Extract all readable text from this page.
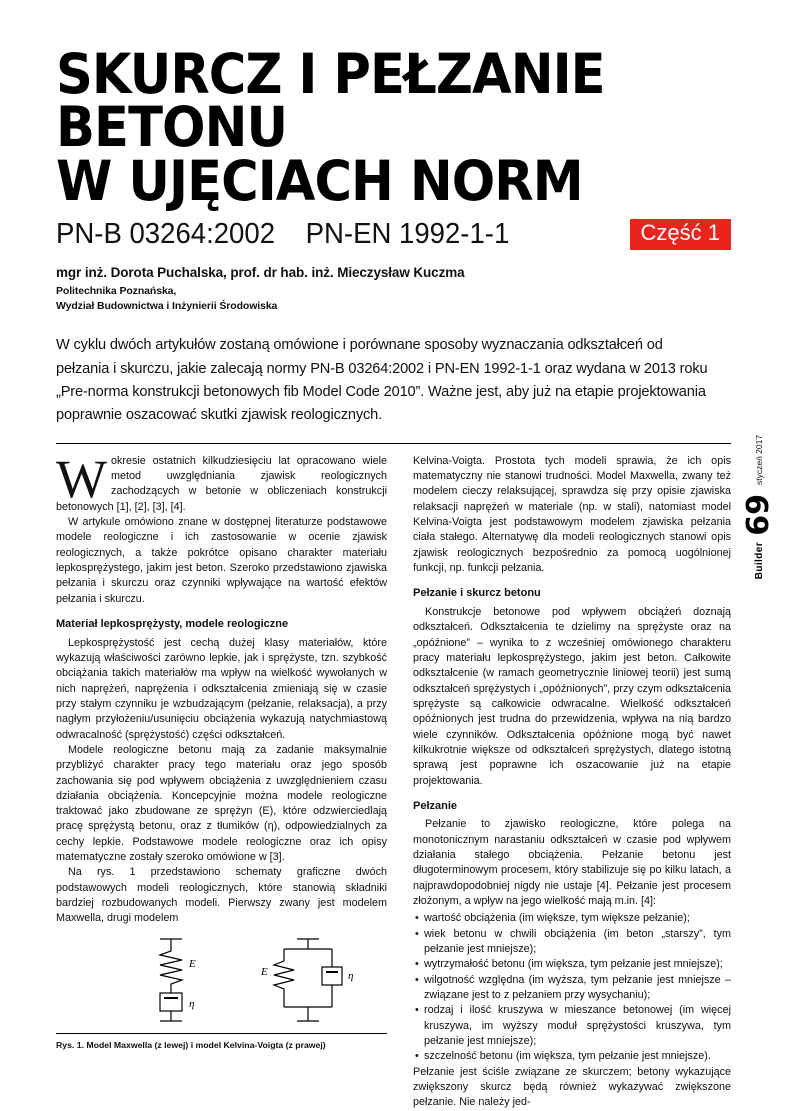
SKURCZ I PEŁZANIE BETONU
W UJĘCIACH NORM
PN-B 03264:2002    PN-EN 1992-1-1	Część 1
mgr inż. Dorota Puchalska, prof. dr hab. inż. Mieczysław Kuczma
Politechnika Poznańska,
Wydział Budownictwa i Inżynierii Środowiska
W cyklu dwóch artykułów zostaną omówione i porównane sposoby wyznaczania odkształceń od pełzania i skurczu, jakie zalecają normy PN-B 03264:2002 i PN-EN 1992-1-1 oraz wydana w 2013 roku „Pre-norma konstrukcji betonowych fib Model Code 2010”. Ważne jest, aby już na etapie projektowania poprawnie oszacować skutki zjawisk reologicznych.
W okresie ostatnich kilkudziesięciu lat opracowano wiele metod uwzględniania zjawisk reologicznych zachodzących w betonie w obliczeniach konstrukcji betonowych [1], [2], [3], [4].

W artykule omówiono znane w dostępnej literaturze podstawowe modele reologiczne i ich zastosowanie w ocenie zjawisk reologicznych, a także pokrótce opisano charakter materiału lepkosprężystego, jakim jest beton. Szeroko przedstawiono zjawiska pełzania i skurczu oraz czynniki wpływające na wartość efektów pełzania i skurczu.

Materiał lepkosprężysty, modele reologiczne

Lepkosprężystość jest cechą dużej klasy materiałów, które wykazują właściwości zarówno lepkie, jak i sprężyste, tzn. szybkość obciążania takich materiałów ma wpływ na wielkość wywołanych w nich naprężeń, naprężenia i odkształcenia zmieniają się w czasie przy stałym czynniku je wzbudzającym (pełzanie, relaksacja), a przy nagłym przyłożeniu/usunięciu obciążenia wykazują natychmiastową odwracalność (sprężystość) części odkształceń.

Modele reologiczne betonu mają za zadanie maksymalnie przybliżyć charakter pracy tego materiału oraz jego sposób zachowania się pod wpływem obciążenia z uwzględnieniem czasu działania obciążenia. Koncepcyjnie można modele reologiczne traktować jako zbudowane ze sprężyn (E), które odzwierciedlają pracę sprężystą betonu, oraz z tłumików (η), odpowiedzialnych za cechy lepkie. Podstawowe modele reologiczne oraz ich opisy matematyczne zostały szeroko omówione w [3].

Na rys. 1 przedstawiono schematy graficzne dwóch podstawowych modeli reologicznych, które stanowią składniki bardziej rozbudowanych modeli. Pierwszy zwany jest modelem Maxwella, drugi modelem

E
η
E	η
Rys. 1. Model Maxwella (z lewej) i model Kelvina-Voigta (z prawej)

Kelvina-Voigta. Prostota tych modeli sprawia, że ich opis matematyczny nie stanowi trudności. Model Maxwella, zwany też modelem cieczy relaksującej, sprawdza się przy opisie zjawiska relaksacji naprężeń w materiale (np. w stali), natomiast model Kelvina-Voigta jest podstawowym modelem zjawiska pełzania ciała stałego. Alternatywę dla modeli reologicznych stanowi opis zjawisk reologicznych bezpośrednio za pomocą uogólnionej funkcji, np. funkcji pełzania.

Pełzanie i skurcz betonu

Konstrukcje betonowe pod wpływem obciążeń doznają odkształceń. Odkształcenia te dzielimy na sprężyste oraz na „opóźnione” – wynika to z wcześniej omówionego charakteru pracy materiału lepkosprężystego, jakim jest beton. Całkowite odkształcenie (w ramach geometrycznie liniowej teorii) jest sumą odkształceń sprężystych i „opóźnionych”, przy czym odkształcenia sprężyste są całkowicie odwracalne. Wielkość odkształceń opóźnionych jest trudna do przewidzenia, wpływa na nią bardzo wiele czynników. Odkształcenia opóźnione mogą być nawet kilkukrotnie większe od odkształceń sprężystych, dlatego istotną sprawą jest poprawne ich oszacowanie już na etapie projektowania.

Pełzanie

Pełzanie to zjawisko reologiczne, które polega na monotonicznym narastaniu odkształceń w czasie pod wpływem działania stałego obciążenia. Pełzanie betonu jest długoterminowym procesem, który stabilizuje się po kilku latach, a najprawdopodobniej nigdy nie ustaje [4]. Pełzanie jest procesem złożonym, a wpływ na jego wielkość mają m.in. [4]:

• wartość obciążenia (im większe, tym większe pełzanie);
• wiek betonu w chwili obciążenia (im beton „starszy”, tym pełzanie jest mniejsze);
• wytrzymałość betonu (im większa, tym pełzanie jest mniejsze);
• wilgotność względna (im wyższa, tym pełzanie jest mniejsze – związane jest to z pełzaniem przy wysychaniu);
• rodzaj i ilość kruszywa w mieszance betonowej (im więcej kruszywa, im wyższy moduł sprężystości kruszywa, tym pełzanie jest mniejsze);
• szczelność betonu (im większa, tym pełzanie jest mniejsze).

Pełzanie jest ściśle związane ze skurczem; betony wykazujące zwiększony skurcz będą również wykazywać zwiększone pełzanie. Nie należy jed-

styczeń 2017
69
Builder
